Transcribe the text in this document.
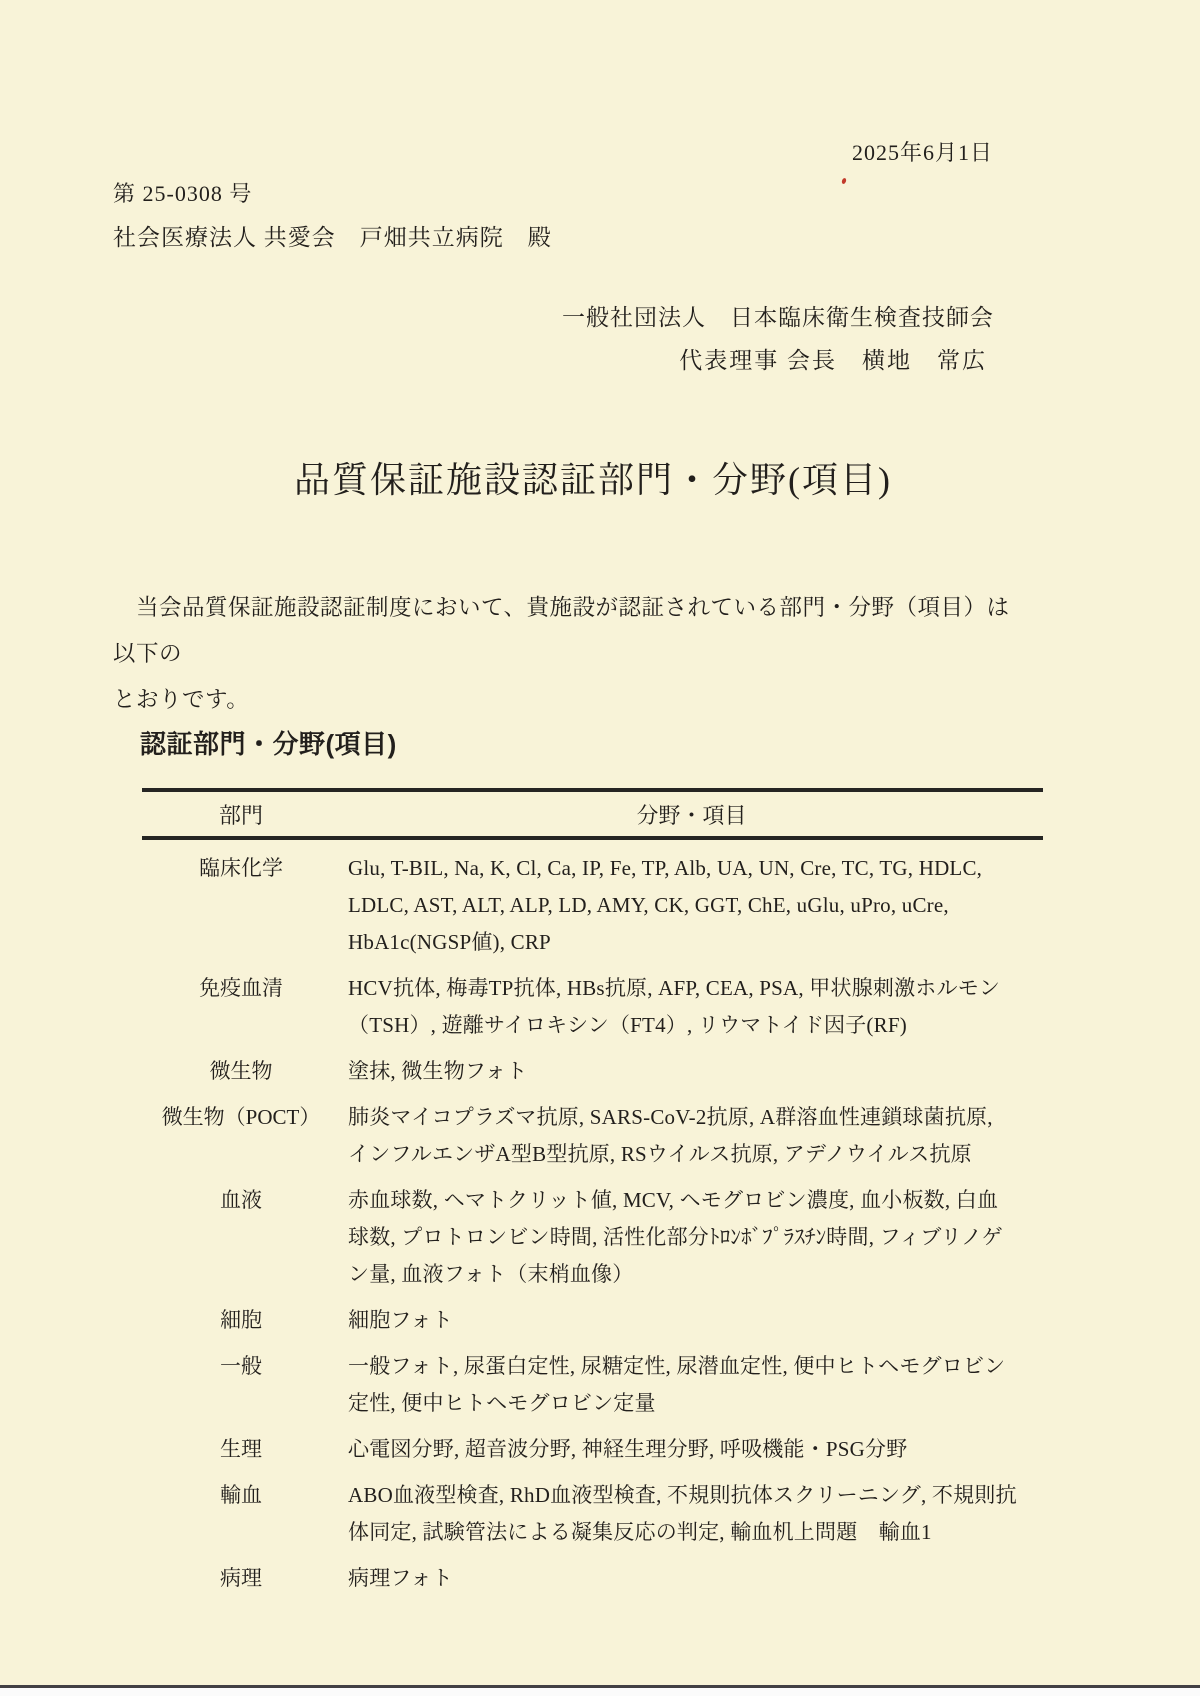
2025年6月1日
第 25-0308 号
社会医療法人 共愛会　戸畑共立病院　殿
一般社団法人　日本臨床衛生検査技師会
代表理事 会長　横地　常広
品質保証施設認証部門・分野(項目)
　当会品質保証施設認証制度において、貴施設が認証されている部門・分野（項目）は以下の
とおりです。
認証部門・分野(項目)
部門	分野・項目
臨床化学	Glu, T-BIL, Na, K, Cl, Ca, IP, Fe, TP, Alb, UA, UN, Cre, TC, TG, HDLC, LDLC, AST, ALT, ALP, LD, AMY, CK, GGT, ChE, uGlu, uPro, uCre, HbA1c(NGSP値), CRP
免疫血清	HCV抗体, 梅毒TP抗体, HBs抗原, AFP, CEA, PSA, 甲状腺刺激ホルモン（TSH）, 遊離サイロキシン（FT4）, リウマトイド因子(RF)
微生物	塗抹, 微生物フォト
微生物（POCT）	肺炎マイコプラズマ抗原, SARS-CoV-2抗原, A群溶血性連鎖球菌抗原, インフルエンザA型B型抗原, RSウイルス抗原, アデノウイルス抗原
血液	赤血球数, ヘマトクリット値, MCV, ヘモグロビン濃度, 血小板数, 白血球数, プロトロンビン時間, 活性化部分ﾄﾛﾝﾎﾞﾌﾟﾗｽﾁﾝ時間, フィブリノゲン量, 血液フォト（末梢血像）
細胞	細胞フォト
一般	一般フォト, 尿蛋白定性, 尿糖定性, 尿潜血定性, 便中ヒトヘモグロビン定性, 便中ヒトヘモグロビン定量
生理	心電図分野, 超音波分野, 神経生理分野, 呼吸機能・PSG分野
輸血	ABO血液型検査, RhD血液型検査, 不規則抗体スクリーニング, 不規則抗体同定, 試験管法による凝集反応の判定, 輸血机上問題　輸血1
病理	病理フォト
